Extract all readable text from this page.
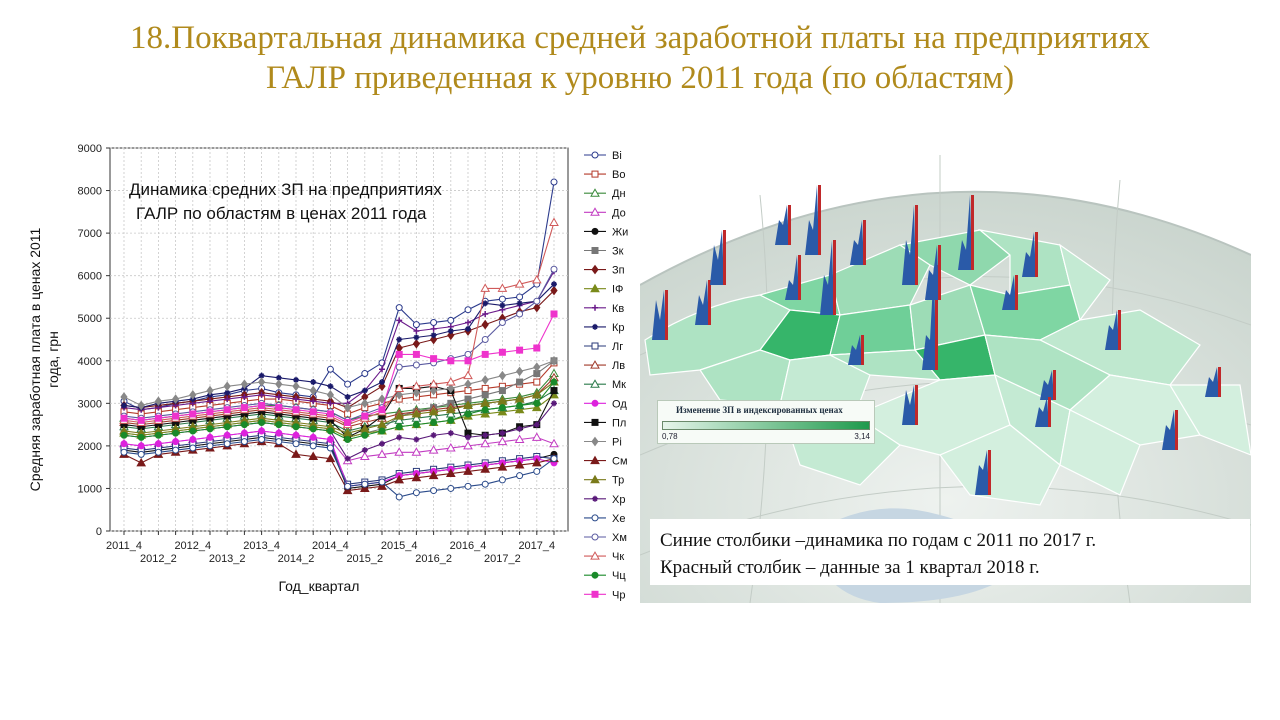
18.Поквартальная динамика средней заработной платы на предприятиях
ГАЛР приведенная к уровню 2011 года (по областям)
0
1000
2000
3000
4000
5000
6000
7000
8000
9000
2011_4	2012_4	2013_4	2014_4	2015_4	2016_4	2017_4
2012_2	2013_2	2014_2	2015_2	2016_2	2017_2
Год_квартал
Средняя заработная плата в ценах 2011 года, грн
Динамика средних ЗП на предприятиях
ГАЛР по областям в ценах 2011 года
Ві
Во
Дн
До
Жи
Зк
Зп
ІФ
Кв
Кр
Лг
Лв
Мк
Од
Пл
Рі
См
Тр
Хр
Хе
Хм
Чк
Чц
Чр
Изменение ЗП в индексированных ценах
0,78	3,14
Синие столбики –динамика по годам с 2011 по 2017 г.
Красный столбик – данные за 1 квартал 2018 г.
